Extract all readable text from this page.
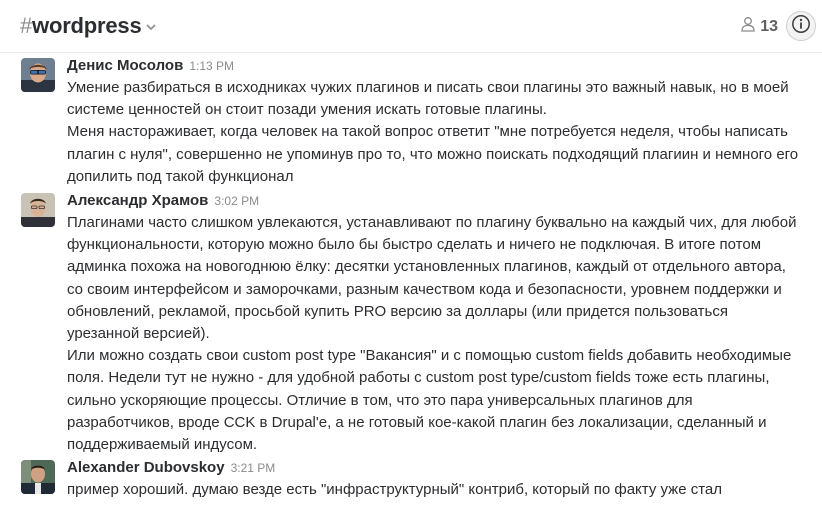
#wordpress	13
Денис Мосолов 1:13 PM

Умение разбираться в исходниках чужих плагинов и писать свои плагины это важный навык, но в моей системе ценностей он стоит позади умения искать готовые плагины.

Меня настораживает, когда человек на такой вопрос ответит "мне потребуется неделя, чтобы написать плагин с нуля", совершенно не упоминув про то, что можно поискать подходящий плагиин и немного его допилить под такой функционал

Александр Храмов 3:02 PM

Плагинами часто слишком увлекаются, устанавливают по плагину буквально на каждый чих, для любой функциональности, которую можно было бы быстро сделать и ничего не подключая. В итоге потом админка похожа на новогоднюю ёлку: десятки установленных плагинов, каждый от отдельного автора, со своим интерфейсом и заморочками, разным качеством кода и безопасности, уровнем поддержки и обновлений, рекламой, просьбой купить PRO версию за доллары (или придется пользоваться урезанной версией).

Или можно создать свои custom post type "Вакансия" и с помощью custom fields добавить необходимые поля. Недели тут не нужно - для удобной работы с custom post type/custom fields тоже есть плагины, сильно ускоряющие процессы. Отличие в том, что это пара универсальных плагинов для разработчиков, вроде CCK в Drupal'e, а не готовый кое-какой плагин без локализации, сделанный и поддерживаемый индусом.

Alexander Dubovskoy 3:21 PM

пример хороший. думаю везде есть "инфраструктурный" контриб, который по факту уже стал
